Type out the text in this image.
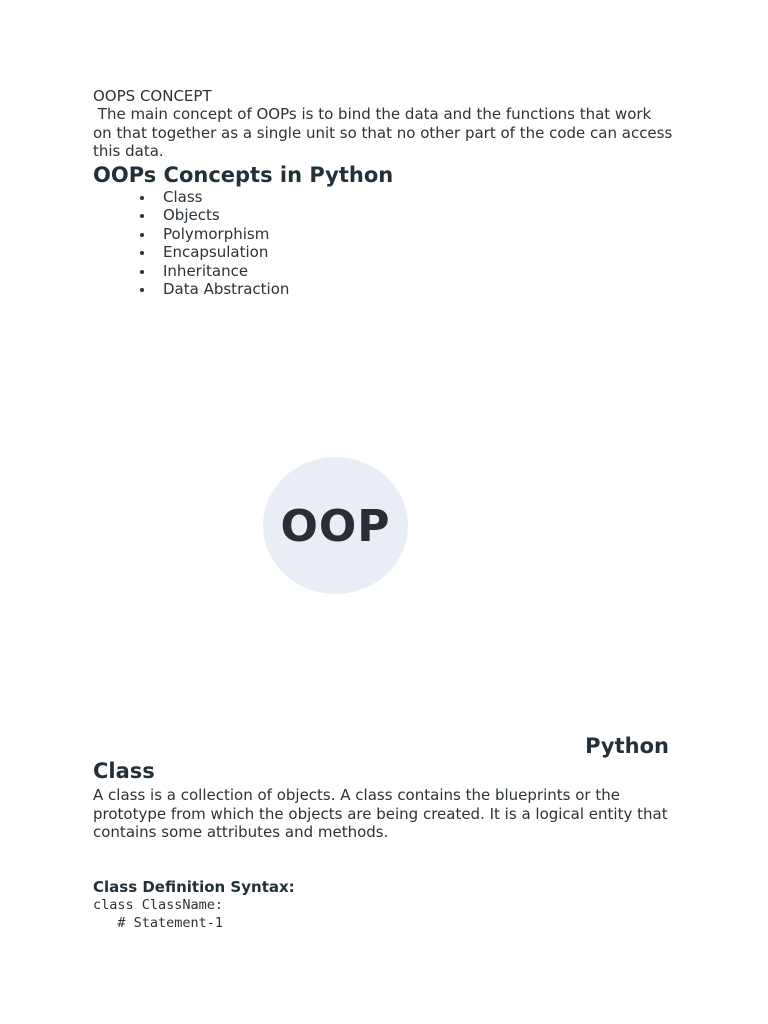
OOPS CONCEPT

The main concept of OOPs is to bind the data and the functions that work on that together as a single unit so that no other part of the code can access this data.

OOPs Concepts in Python
Class
Objects
Polymorphism
Encapsulation
Inheritance
Data Abstraction
OOP
Python
Class

A class is a collection of objects. A class contains the blueprints or the prototype from which the objects are being created. It is a logical entity that contains some attributes and methods.

Class Definition Syntax:

class ClassName:
# Statement-1
